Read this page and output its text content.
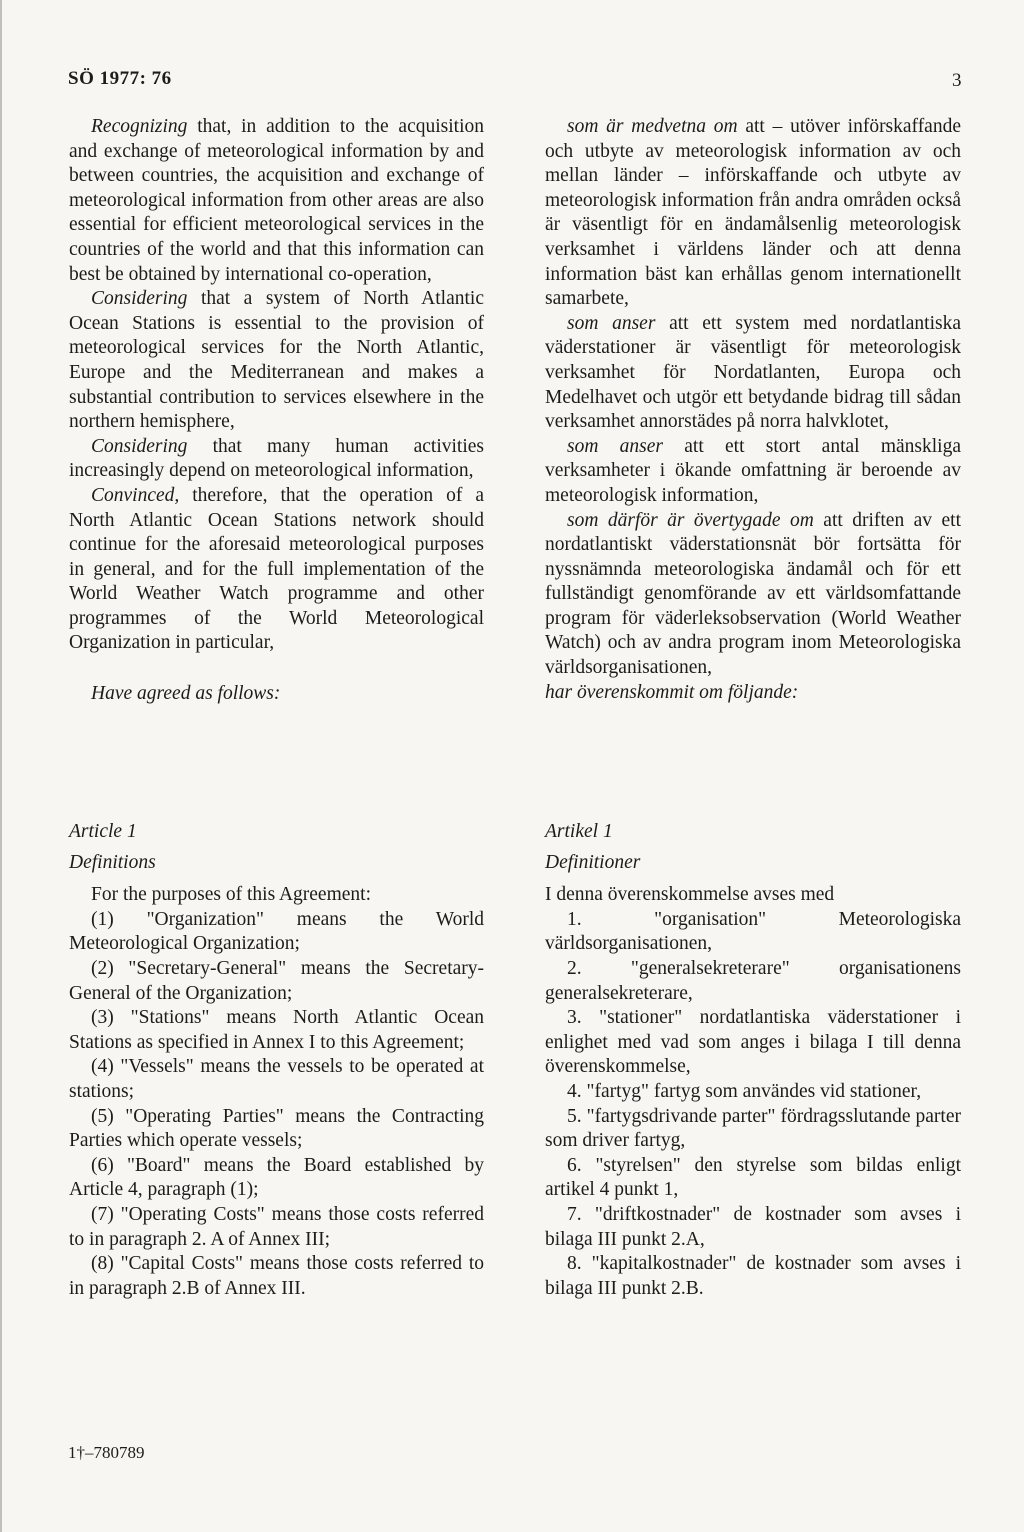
SÖ 1977: 76	3

Recognizing that, in addition to the acquisition and exchange of meteorological information by and between countries, the acquisition and exchange of meteorological information from other areas are also essential for efficient meteorological services in the countries of the world and that this information can best be obtained by international co-operation,

Considering that a system of North Atlantic Ocean Stations is essential to the provision of meteorological services for the North Atlantic, Europe and the Mediterranean and makes a substantial contribution to services elsewhere in the northern hemisphere,

Considering that many human activities increasingly depend on meteorological information,

Convinced, therefore, that the operation of a North Atlantic Ocean Stations network should continue for the aforesaid meteorological purposes in general, and for the full implementation of the World Weather Watch programme and other programmes of the World Meteorological Organization in particular,

Have agreed as follows:

Article 1

Definitions

For the purposes of this Agreement:

(1) "Organization" means the World Meteorological Organization;

(2) "Secretary-General" means the Secretary-General of the Organization;

(3) "Stations" means North Atlantic Ocean Stations as specified in Annex I to this Agreement;

(4) "Vessels" means the vessels to be operated at stations;

(5) "Operating Parties" means the Contracting Parties which operate vessels;

(6) "Board" means the Board established by Article 4, paragraph (1);

(7) "Operating Costs" means those costs referred to in paragraph 2. A of Annex III;

(8) "Capital Costs" means those costs referred to in paragraph 2.B of Annex III.

som är medvetna om att – utöver införskaffande och utbyte av meteorologisk information av och mellan länder – införskaffande och utbyte av meteorologisk information från andra områden också är väsentligt för en ändamålsenlig meteorologisk verksamhet i världens länder och att denna information bäst kan erhållas genom internationellt samarbete,

som anser att ett system med nordatlantiska väderstationer är väsentligt för meteorologisk verksamhet för Nordatlanten, Europa och Medelhavet och utgör ett betydande bidrag till sådan verksamhet annorstädes på norra halvklotet,

som anser att ett stort antal mänskliga verksamheter i ökande omfattning är beroende av meteorologisk information,

som därför är övertygade om att driften av ett nordatlantiskt väderstationsnät bör fortsätta för nyssnämnda meteorologiska ändamål och för ett fullständigt genomförande av ett världsomfattande program för väderleksobservation (World Weather Watch) och av andra program inom Meteorologiska världsorganisationen,

har överenskommit om följande:

Artikel 1

Definitioner

I denna överenskommelse avses med

1. "organisation" Meteorologiska världsorganisationen,

2. "generalsekreterare" organisationens generalsekreterare,

3. "stationer" nordatlantiska väderstationer i enlighet med vad som anges i bilaga I till denna överenskommelse,

4. "fartyg" fartyg som användes vid stationer,

5. "fartygsdrivande parter" fördragsslutande parter som driver fartyg,

6. "styrelsen" den styrelse som bildas enligt artikel 4 punkt 1,

7. "driftkostnader" de kostnader som avses i bilaga III punkt 2.A,

8. "kapitalkostnader" de kostnader som avses i bilaga III punkt 2.B.

1†–780789
